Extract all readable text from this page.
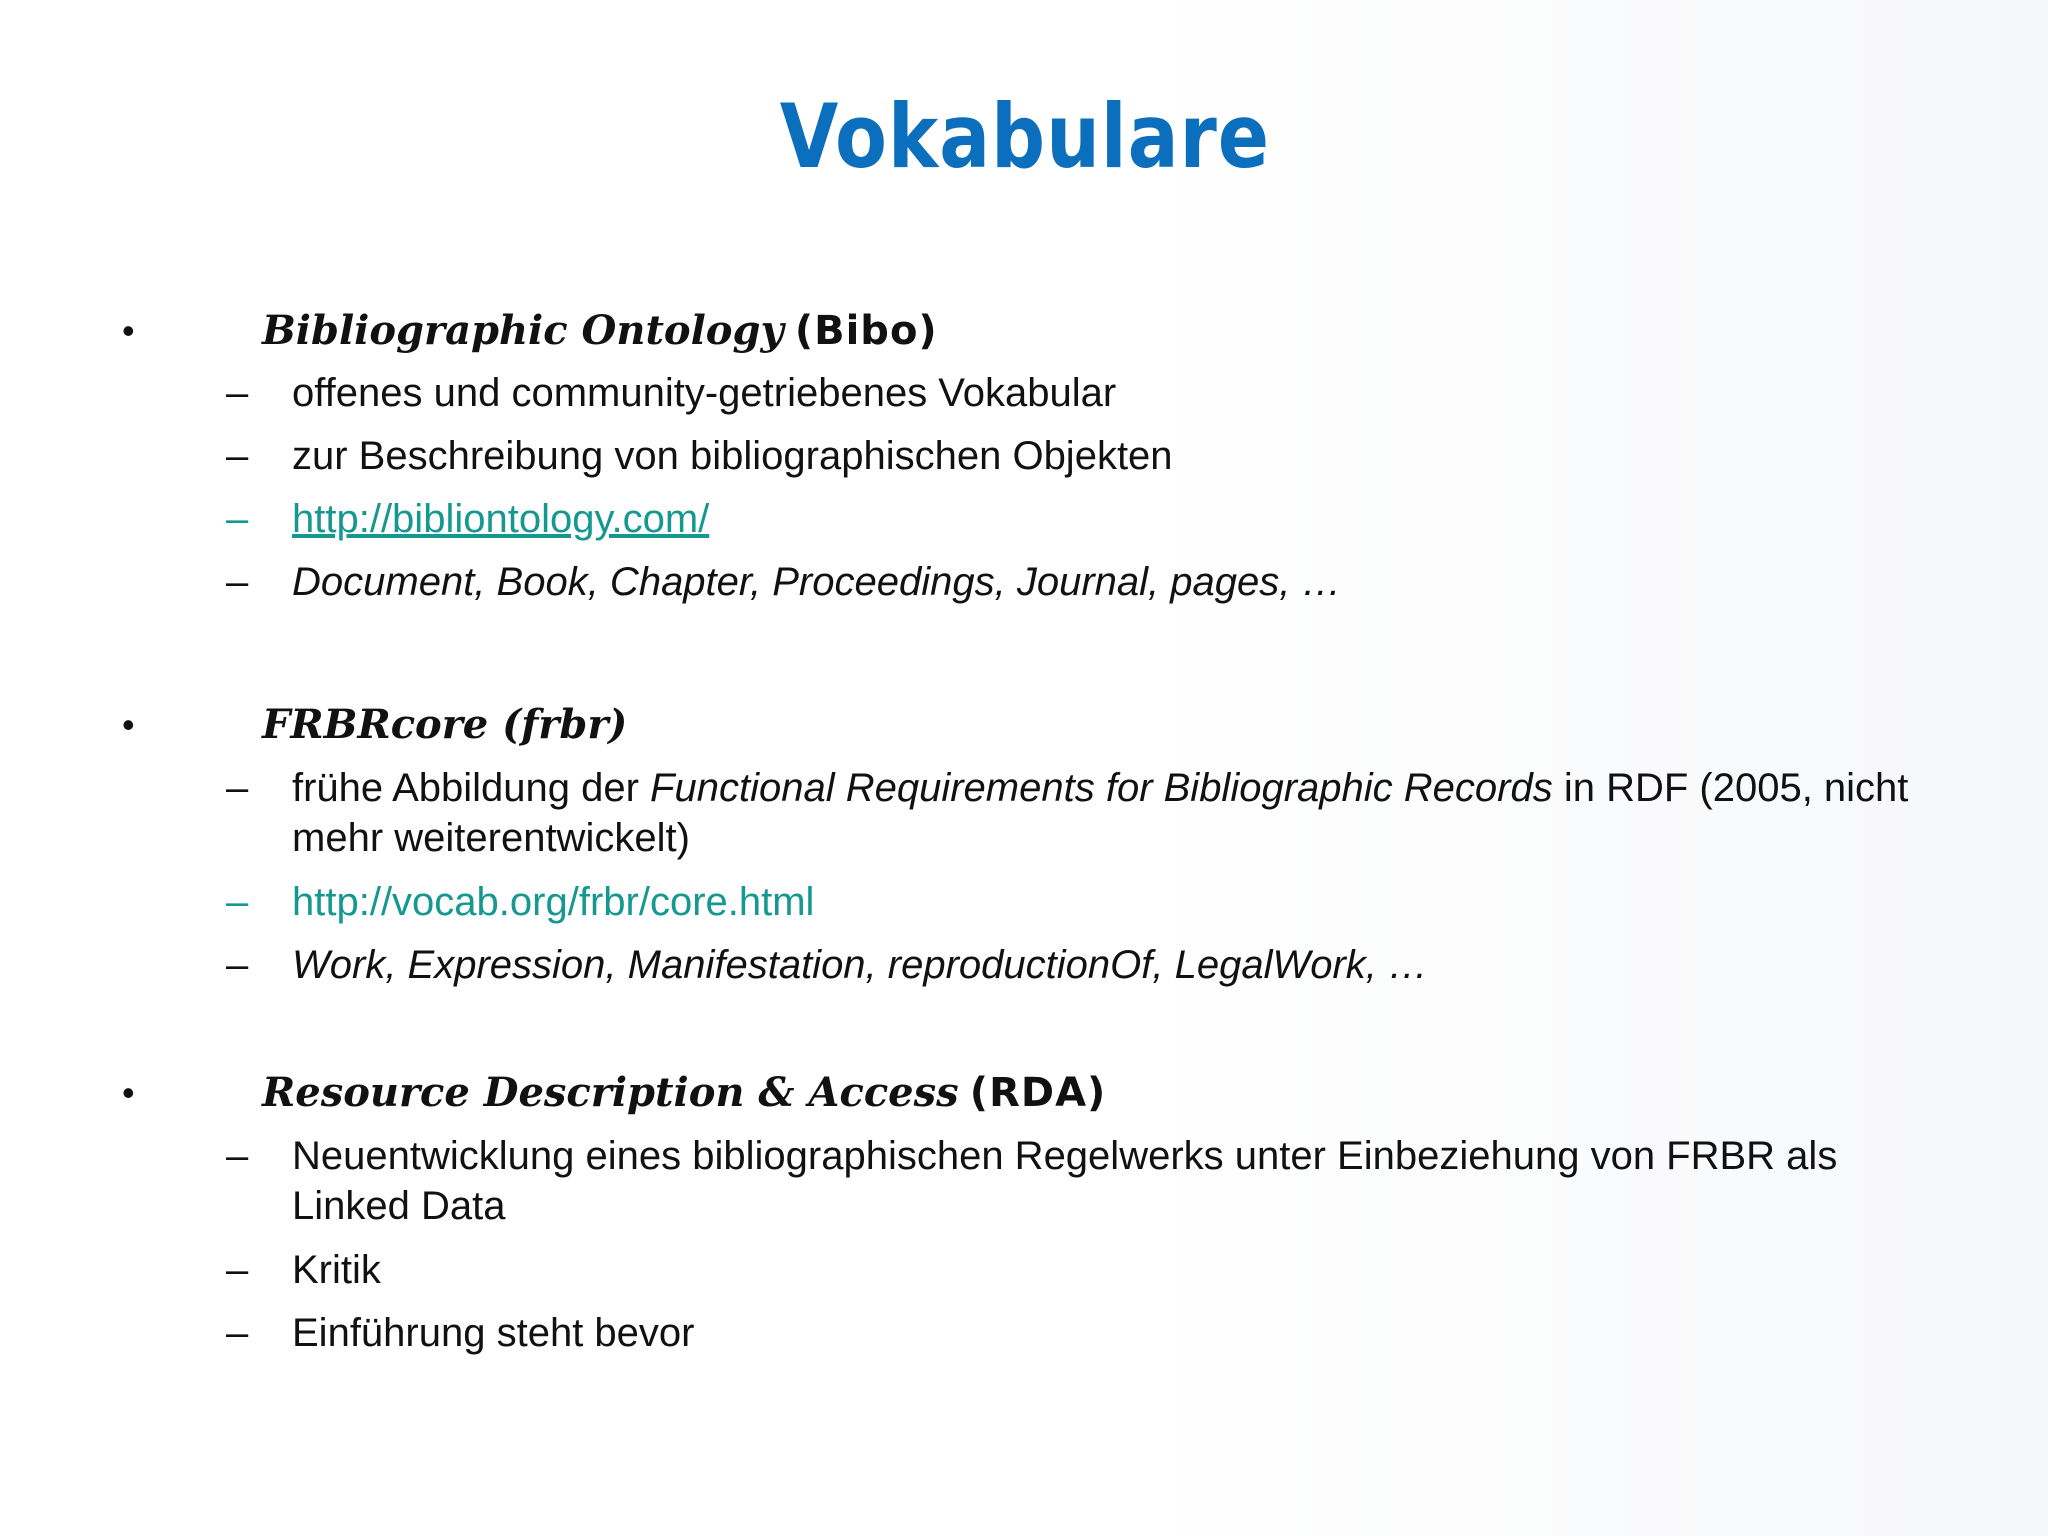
Vokabulare
•	Bibliographic Ontology (Bibo)
– offenes und community-getriebenes Vokabular
– zur Beschreibung von bibliographischen Objekten
– http://bibliontology.com/
– Document, Book, Chapter, Proceedings, Journal, pages, …
•	FRBRcore (frbr)
– frühe Abbildung der Functional Requirements for Bibliographic Records in RDF (2005, nicht mehr weiterentwickelt)
– http://vocab.org/frbr/core.html
– Work, Expression, Manifestation, reproductionOf, LegalWork, …
•	Resource Description & Access (RDA)
– Neuentwicklung eines bibliographischen Regelwerks unter Einbeziehung von FRBR als Linked Data
– Kritik
– Einführung steht bevor
